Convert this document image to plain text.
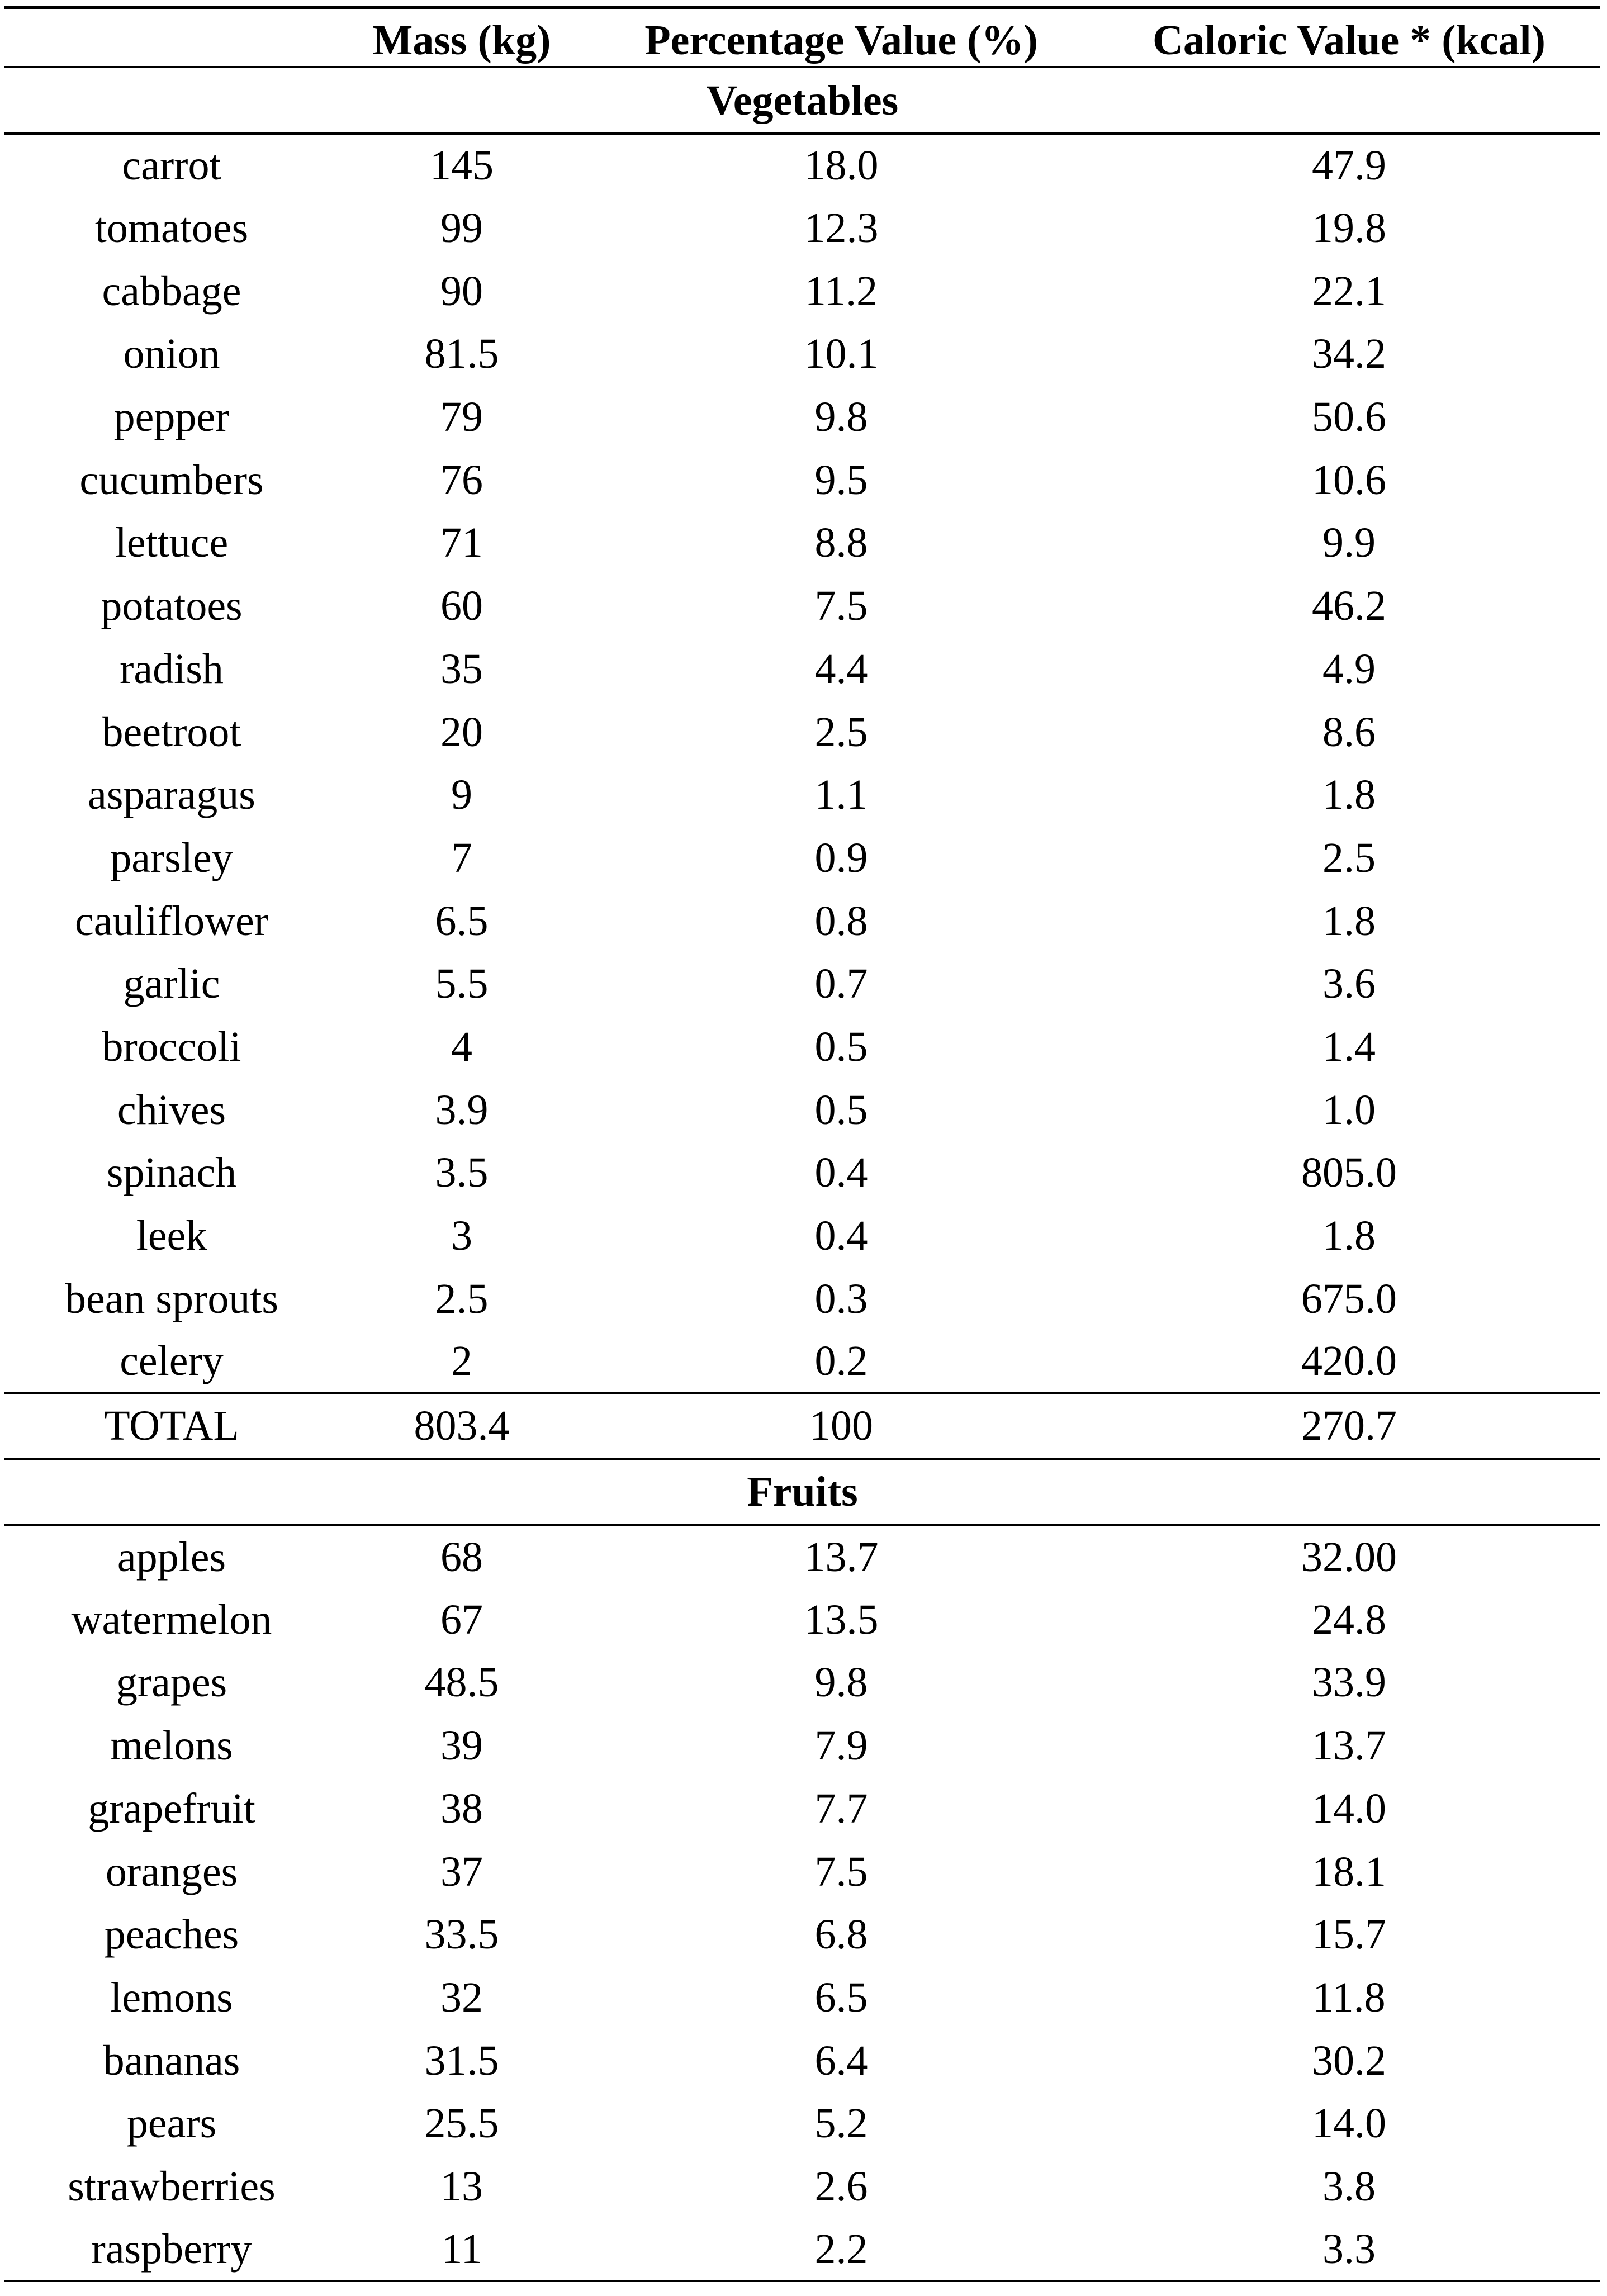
	Mass (kg)	Percentage Value (%)	Caloric Value * (kcal)
Vegetables			
carrot	145	18.0	47.9
tomatoes	99	12.3	19.8
cabbage	90	11.2	22.1
onion	81.5	10.1	34.2
pepper	79	9.8	50.6
cucumbers	76	9.5	10.6
lettuce	71	8.8	9.9
potatoes	60	7.5	46.2
radish	35	4.4	4.9
beetroot	20	2.5	8.6
asparagus	9	1.1	1.8
parsley	7	0.9	2.5
cauliflower	6.5	0.8	1.8
garlic	5.5	0.7	3.6
broccoli	4	0.5	1.4
chives	3.9	0.5	1.0
spinach	3.5	0.4	805.0
leek	3	0.4	1.8
bean sprouts	2.5	0.3	675.0
celery	2	0.2	420.0
TOTAL	803.4	100	270.7
Fruits			
apples	68	13.7	32.00
watermelon	67	13.5	24.8
grapes	48.5	9.8	33.9
melons	39	7.9	13.7
grapefruit	38	7.7	14.0
oranges	37	7.5	18.1
peaches	33.5	6.8	15.7
lemons	32	6.5	11.8
bananas	31.5	6.4	30.2
pears	25.5	5.2	14.0
strawberries	13	2.6	3.8
raspberry	11	2.2	3.3
